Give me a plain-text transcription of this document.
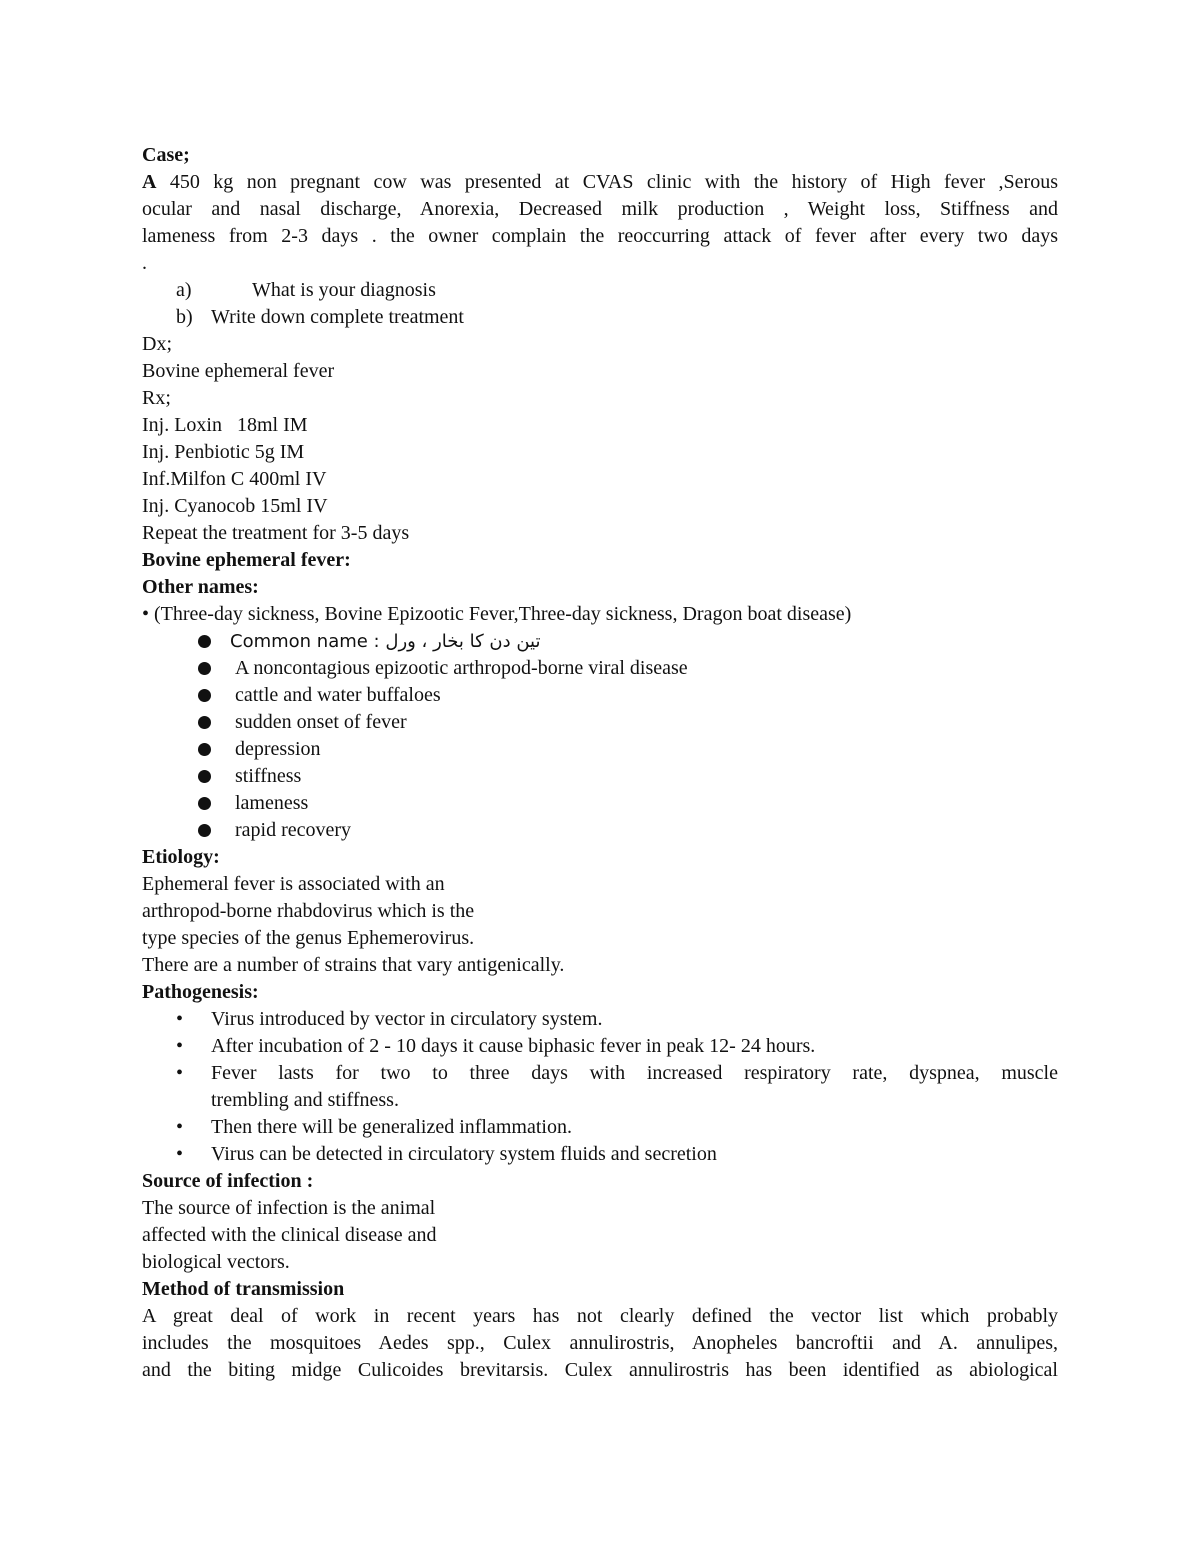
Case;
A 450 kg non pregnant cow was presented at CVAS clinic with the history of High fever ,Serous
ocular and nasal discharge, Anorexia, Decreased milk production , Weight loss, Stiffness and
lameness from 2-3 days . the owner complain the reoccurring attack of fever after every two days
.
a)	What is your diagnosis
b) Write down complete treatment
Dx;
Bovine ephemeral fever
Rx;
Inj. Loxin   18ml IM
Inj. Penbiotic 5g IM
Inf.Milfon C 400ml IV
Inj. Cyanocob 15ml IV
Repeat the treatment for 3-5 days
Bovine ephemeral fever:
Other names:
• (Three-day sickness, Bovine Epizootic Fever,Three-day sickness, Dragon boat disease)
Common name : تین دن کا بخار ، ورل
A noncontagious epizootic arthropod-borne viral disease
cattle and water buffaloes
sudden onset of fever
depression
stiffness
lameness
rapid recovery
Etiology:
Ephemeral fever is associated with an
arthropod-borne rhabdovirus which is the
type species of the genus Ephemerovirus.
There are a number of strains that vary antigenically.
Pathogenesis:
•	Virus introduced by vector in circulatory system.
•	After incubation of 2 - 10 days it cause biphasic fever in peak 12- 24 hours.
•	Fever lasts for two to three days with increased respiratory rate, dyspnea, muscle
trembling and stiffness.
•	Then there will be generalized inflammation.
•	Virus can be detected in circulatory system fluids and secretion
Source of infection :
The source of infection is the animal
affected with the clinical disease and
biological vectors.
Method of transmission
A great deal of work in recent years has not clearly defined the vector list which probably
includes the mosquitoes Aedes spp., Culex annulirostris, Anopheles bancroftii and A. annulipes,
and the biting midge Culicoides brevitarsis. Culex annulirostris has been identified as abiological
